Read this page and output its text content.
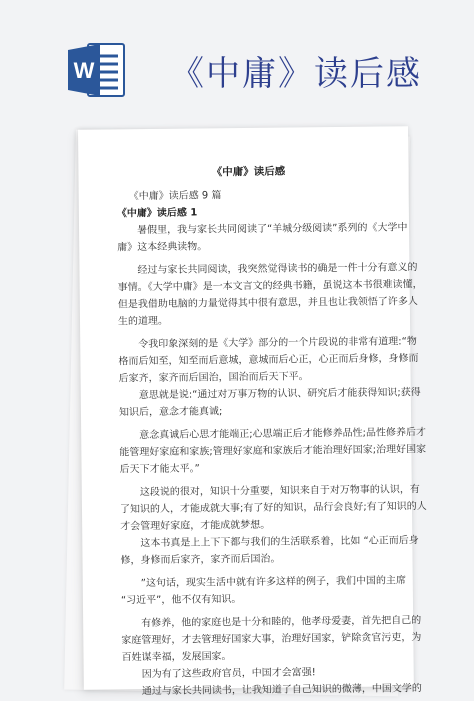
W 《中庸》读后感
《中庸》读后感

《中庸》读后感 9 篇

《中庸》读后感 1

暑假里，我与家长共同阅读了“羊城分级阅读”系列的《大学中

庸》这本经典读物。

经过与家长共同阅读，我突然觉得读书的确是一件十分有意义的

事情。《大学中庸》是一本文言文的经典书籍，虽说这本书很难读懂，

但是我借助电脑的力量觉得其中很有意思，并且也让我领悟了许多人

生的道理。

令我印象深刻的是《大学》部分的一个片段说的非常有道理:“物

格而后知至，知至而后意城，意城而后心正，心正而后身修，身修而

后家齐，家齐而后国治，国治而后天下平。

意思就是说:“通过对万事万物的认识、研究后才能获得知识;获得

知识后，意念才能真诚;

意念真诚后心思才能端正;心思端正后才能修养品性;品性修养后才

能管理好家庭和家族;管理好家庭和家族后才能治理好国家;治理好国家

后天下才能太平。”

这段说的很对，知识十分重要，知识来自于对万物事的认识，有

了知识的人，才能成就大事;有了好的知识，品行会良好;有了知识的人

才会管理好家庭，才能成就梦想。

这本书真是上上下下都与我们的生活联系着，比如 “心正而后身

修，身修而后家齐，家齐而后国治。

”这句话，现实生活中就有许多这样的例子，我们中国的主席

“习近平”，他不仅有知识。

有修养，他的家庭也是十分和睦的，他孝母爱妻，首先把自己的

家庭管理好，才去管理好国家大事，治理好国家，铲除贪官污吏，为

百姓谋幸福，发展国家。

因为有了这些政府官员，中国才会富强!

通过与家长共同读书，让我知道了自己知识的微薄，中国文学的
